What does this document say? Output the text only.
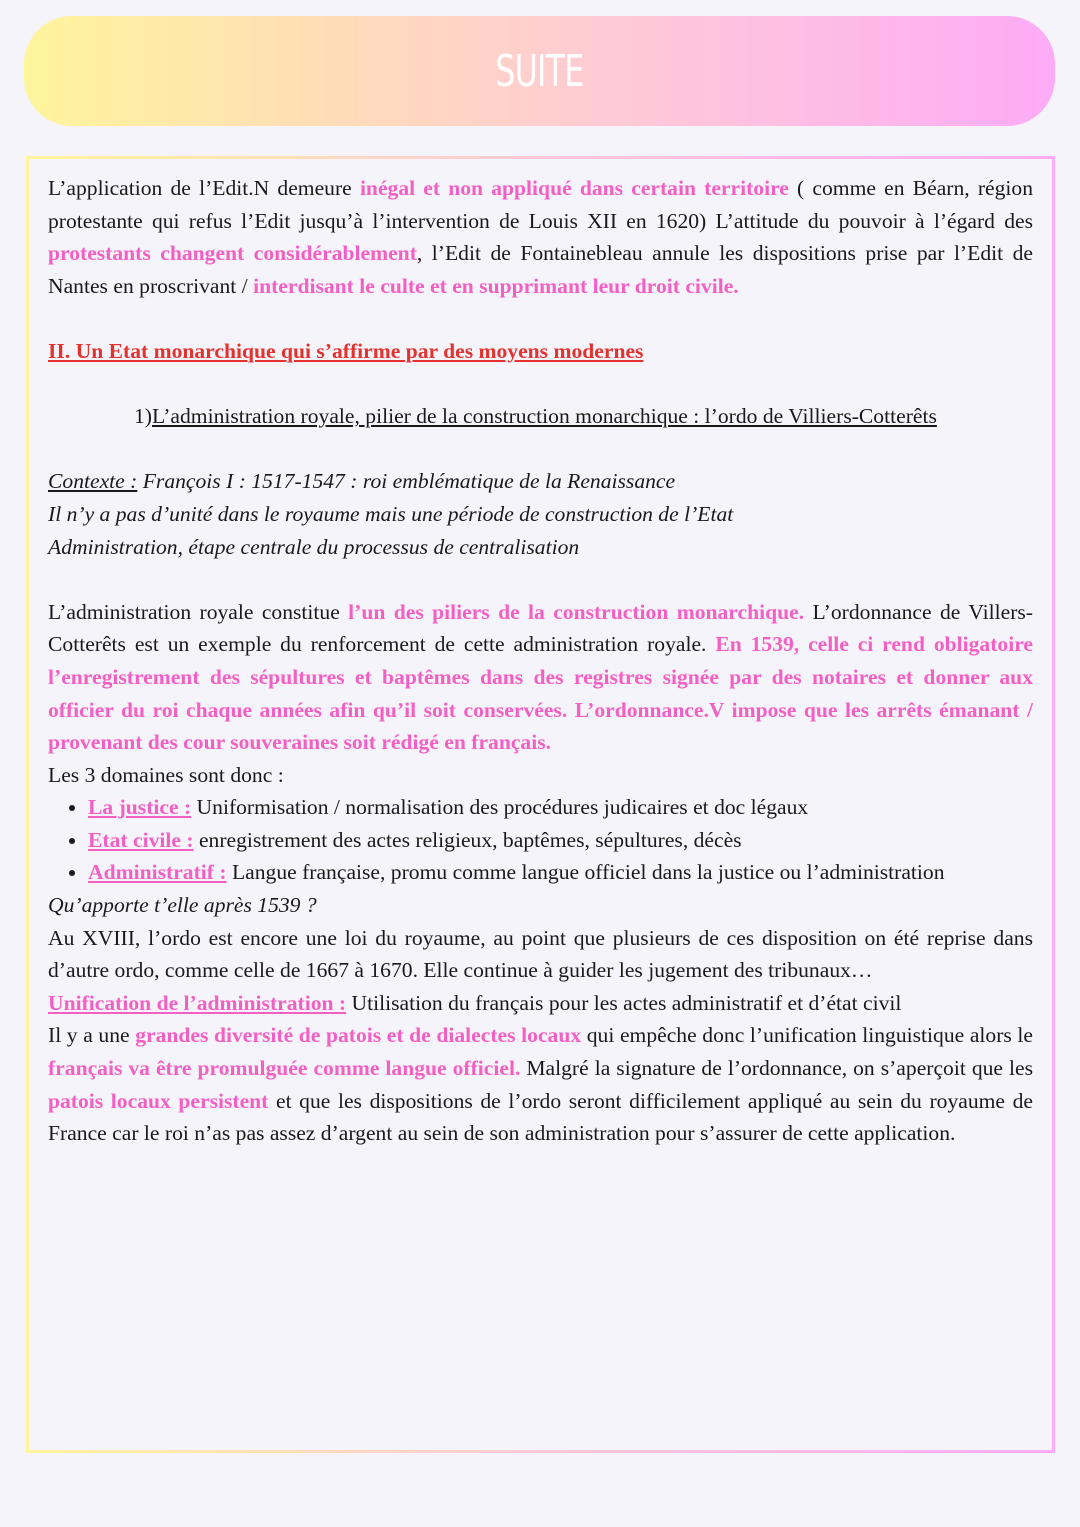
SUITE

L’application de l’Edit.N demeure inégal et non appliqué dans certain territoire ( comme en Béarn, région protestante qui refus l’Edit jusqu’à l’intervention de Louis XII en 1620) L’attitude du pouvoir à l’égard des protestants changent considérablement, l’Edit de Fontainebleau annule les dispositions prise par l’Edit de Nantes en proscrivant / interdisant le culte et en supprimant leur droit civile.

II. Un Etat monarchique qui s’affirme par des moyens modernes

1)L’administration royale, pilier de la construction monarchique : l’ordo de Villiers-Cotterêts

Contexte : François I : 1517-1547 : roi emblématique de la Renaissance
Il n’y a pas d’unité dans le royaume mais une période de construction de l’Etat
Administration, étape centrale du processus de centralisation

L’administration royale constitue l’un des piliers de la construction monarchique. L’ordonnance de Villers-Cotterêts est un exemple du renforcement de cette administration royale. En 1539, celle ci rend obligatoire l’enregistrement des sépultures et baptêmes dans des registres signée par des notaires et donner aux officier du roi chaque années afin qu’il soit conservées. L’ordonnance.V impose que les arrêts émanant / provenant des cour souveraines soit rédigé en français.

Les 3 domaines sont donc :

• La justice : Uniformisation / normalisation des procédures judicaires et doc légaux
• Etat civile : enregistrement des actes religieux, baptêmes, sépultures, décès
• Administratif : Langue française, promu comme langue officiel dans la justice ou l’administration

Qu’apporte t’elle après 1539 ?

Au XVIII, l’ordo est encore une loi du royaume, au point que plusieurs de ces disposition on été reprise dans d’autre ordo, comme celle de 1667 à 1670. Elle continue à guider les jugement des tribunaux…

Unification de l’administration : Utilisation du français pour les actes administratif et d’état civil

Il y a une grandes diversité de patois et de dialectes locaux qui empêche donc l’unification linguistique alors le français va être promulguée comme langue officiel. Malgré la signature de l’ordonnance, on s’aperçoit que les patois locaux persistent et que les dispositions de l’ordo seront difficilement appliqué au sein du royaume de France car le roi n’as pas assez d’argent au sein de son administration pour s’assurer de cette application.
